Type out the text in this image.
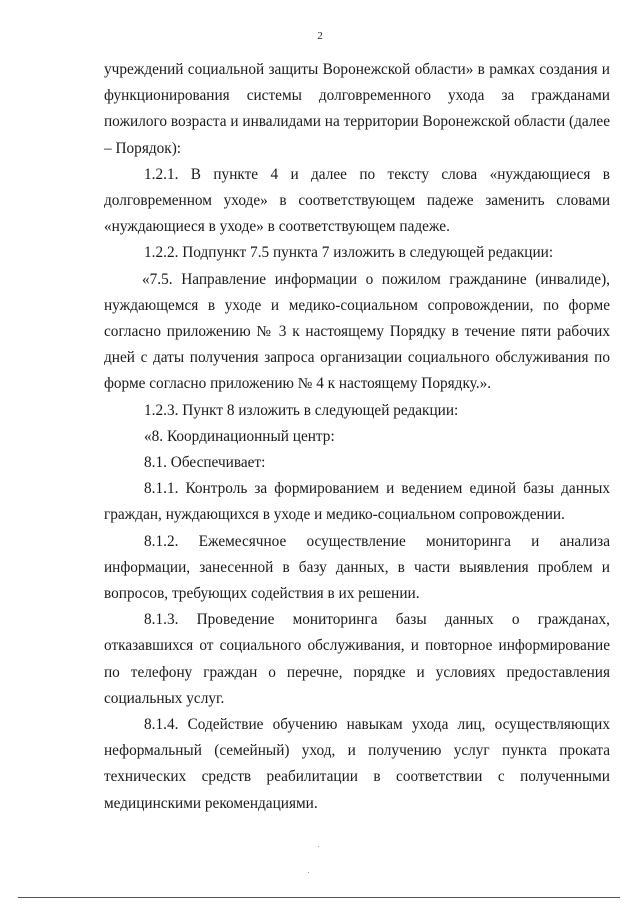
2

учреждений социальной защиты Воронежской области» в рамках создания и функционирования системы долговременного ухода за гражданами пожилого возраста и инвалидами на территории Воронежской области (далее – Порядок):

1.2.1. В пункте 4 и далее по тексту слова «нуждающиеся в долговременном уходе» в соответствующем падеже заменить словами «нуждающиеся в уходе» в соответствующем падеже.

1.2.2. Подпункт 7.5 пункта 7 изложить в следующей редакции:

«7.5. Направление информации о пожилом гражданине (инвалиде), нуждающемся в уходе и медико-социальном сопровождении, по форме согласно приложению № 3 к настоящему Порядку в течение пяти рабочих дней с даты получения запроса организации социального обслуживания по форме согласно приложению № 4 к настоящему Порядку.».

1.2.3. Пункт 8 изложить в следующей редакции:

«8. Координационный центр:

8.1. Обеспечивает:

8.1.1. Контроль за формированием и ведением единой базы данных граждан, нуждающихся в уходе и медико-социальном сопровождении.

8.1.2. Ежемесячное осуществление мониторинга и анализа информации, занесенной в базу данных, в части выявления проблем и вопросов, требующих содействия в их решении.

8.1.3. Проведение мониторинга базы данных о гражданах, отказавшихся от социального обслуживания, и повторное информирование по телефону граждан о перечне, порядке и условиях предоставления социальных услуг.

8.1.4. Содействие обучению навыкам ухода лиц, осуществляющих неформальный (семейный) уход, и получению услуг пункта проката технических средств реабилитации в соответствии с полученными медицинскими рекомендациями.
